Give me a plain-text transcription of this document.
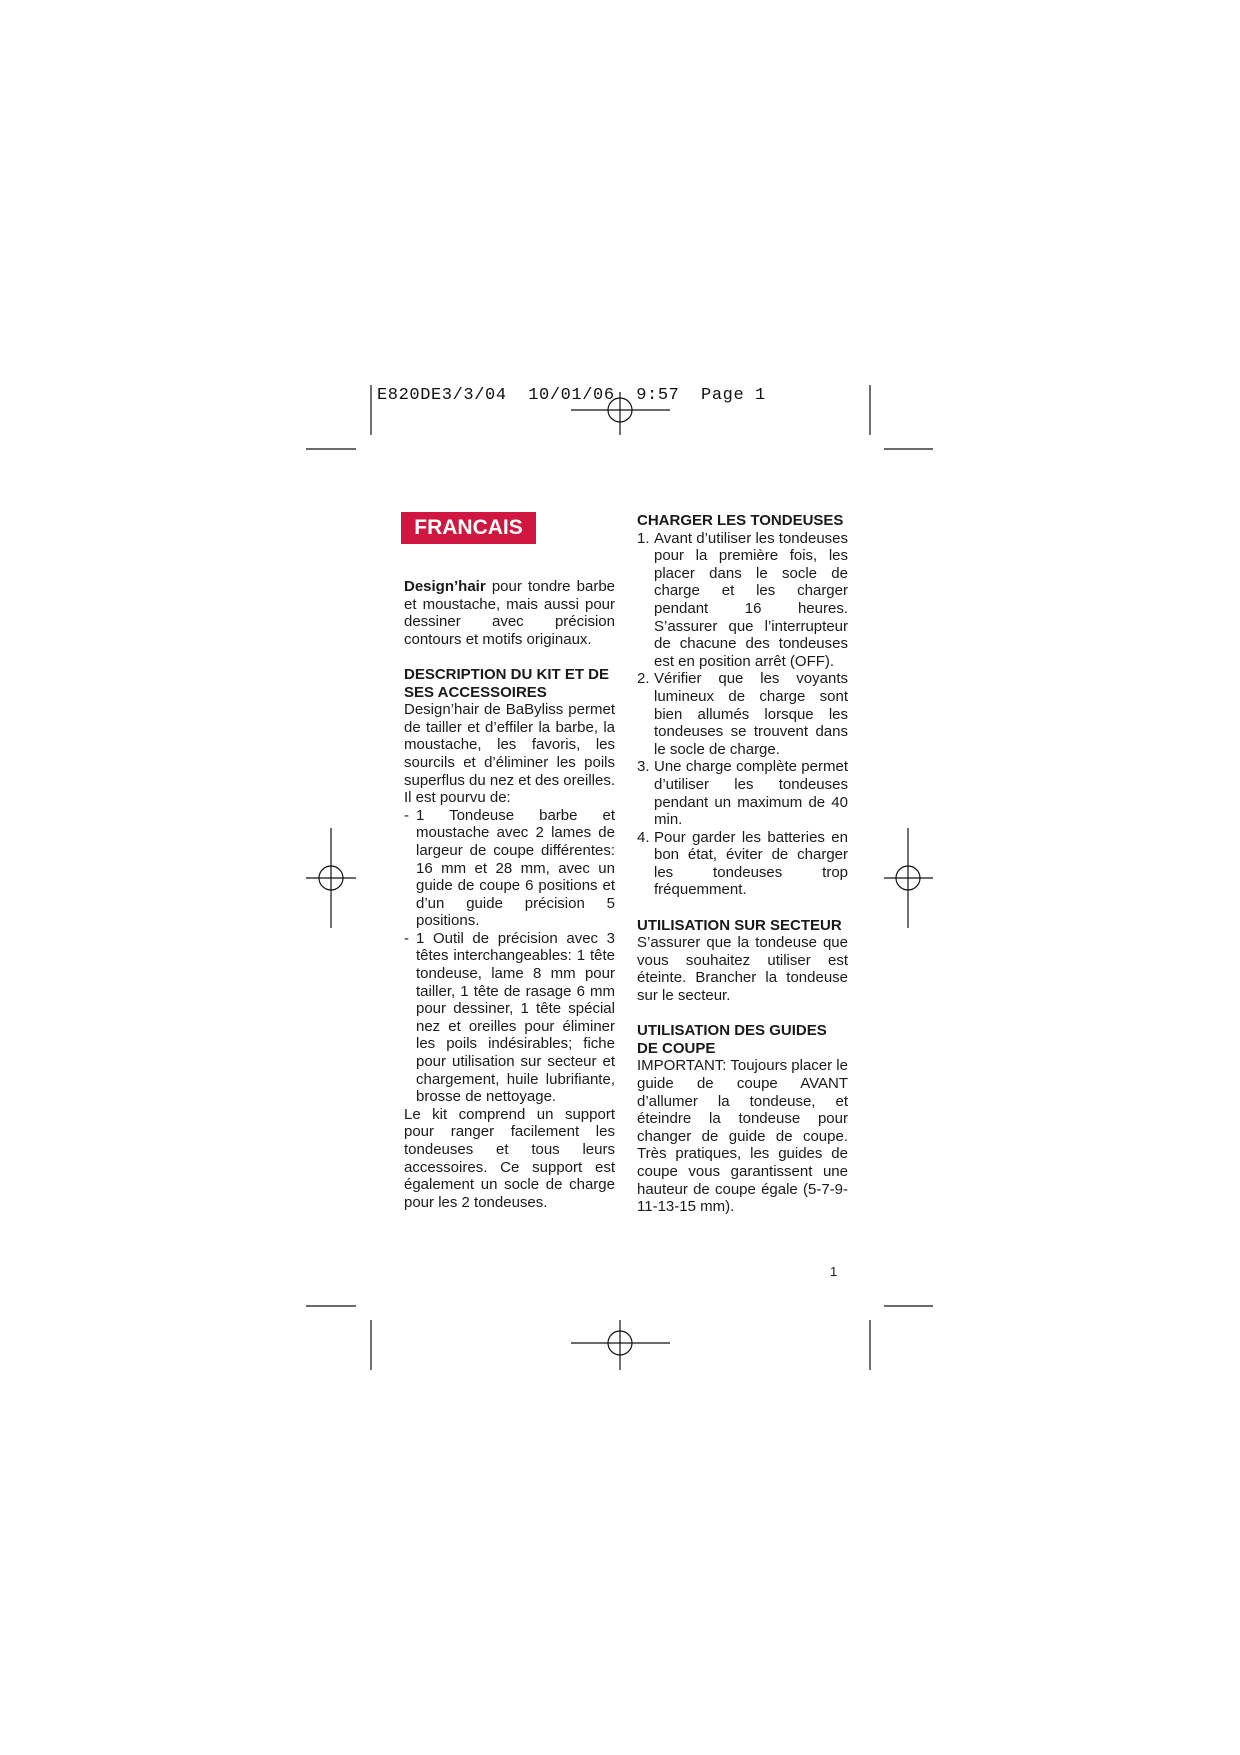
E820DE3/3/04  10/01/06  9:57  Page 1
FRANCAIS

Design’hair pour tondre barbe et moustache, mais aussi pour dessiner avec précision contours et motifs originaux.

DESCRIPTION DU KIT ET DE SES ACCESSOIRES

Design’hair de BaByliss permet de tailler et d’effiler la barbe, la moustache, les favoris, les sourcils et d’éliminer les poils superflus du nez et des oreilles. Il est pourvu de:

- 1 Tondeuse barbe et moustache avec 2 lames de largeur de coupe différentes: 16 mm et 28 mm, avec un guide de coupe 6 positions et d’un guide précision 5 positions.
- 1 Outil de précision avec 3 têtes interchangeables: 1 tête tondeuse, lame 8 mm pour tailler, 1 tête de rasage 6 mm pour dessiner, 1 tête spécial nez et oreilles pour éliminer les poils indésirables; fiche pour utilisation sur secteur et chargement, huile lubrifiante, brosse de nettoyage.

Le kit comprend un support pour ranger facilement les tondeuses et tous leurs accessoires. Ce support est également un socle de charge pour les 2 tondeuses.

CHARGER LES TONDEUSES
1. Avant d’utiliser les tondeuses pour la première fois, les placer dans le socle de charge et les charger pendant 16 heures. S’assurer que l’interrupteur de chacune des tondeuses est en position arrêt (OFF).
2. Vérifier que les voyants lumineux de charge sont bien allumés lorsque les tondeuses se trouvent dans le socle de charge.
3. Une charge complète permet d’utiliser les tondeuses pendant un maximum de 40 min.
4. Pour garder les batteries en bon état, éviter de charger les tondeuses trop fréquemment.
UTILISATION SUR SECTEUR

S’assurer que la tondeuse que vous souhaitez utiliser est éteinte. Brancher la tondeuse sur le secteur.

UTILISATION DES GUIDES DE COUPE

IMPORTANT: Toujours placer le guide de coupe AVANT d’allumer la tondeuse, et éteindre la tondeuse pour changer de guide de coupe. Très pratiques, les guides de coupe vous garantissent une hauteur de coupe égale (5-7-9-11-13-15 mm).

1
